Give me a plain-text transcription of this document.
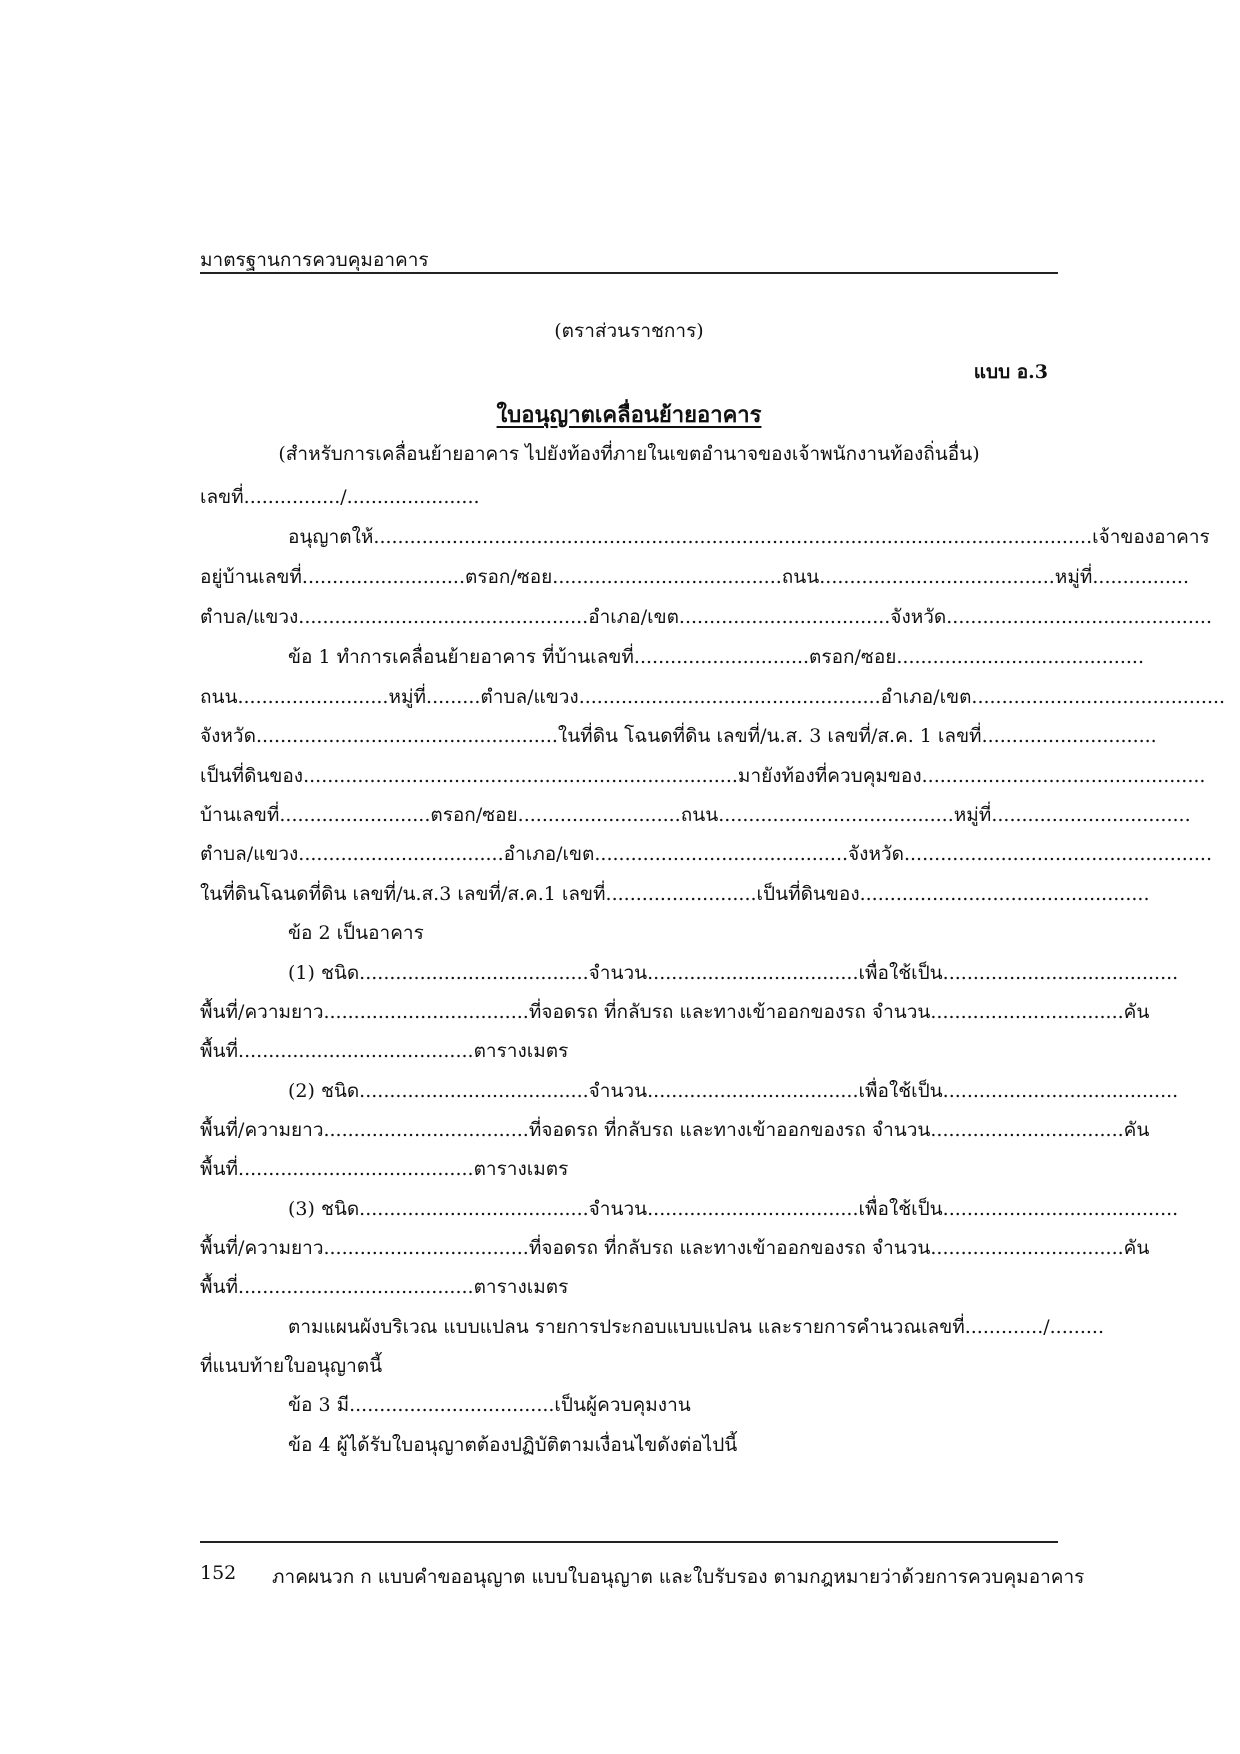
มาตรฐานการควบคุมอาคาร
(ตราส่วนราชการ)
แบบ อ.3
ใบอนุญาตเคลื่อนย้ายอาคาร
(สำหรับการเคลื่อนย้ายอาคาร ไปยังท้องที่ภายในเขตอำนาจของเจ้าพนักงานท้องถิ่นอื่น)
เลขที่................/......................
อนุญาตให้.......................................................................................................................เจ้าของอาคาร
อยู่บ้านเลขที่...........................ตรอก/ซอย......................................ถนน.......................................หมู่ที่................
ตำบล/แขวง................................................อำเภอ/เขต...................................จังหวัด............................................
ข้อ 1 ทำการเคลื่อนย้ายอาคาร ที่บ้านเลขที่.............................ตรอก/ซอย.........................................
ถนน.........................หมู่ที่.........ตำบล/แขวง..................................................อำเภอ/เขต..........................................
จังหวัด..................................................ในที่ดิน โฉนดที่ดิน เลขที่/น.ส. 3 เลขที่/ส.ค. 1 เลขที่.............................
เป็นที่ดินของ........................................................................มายังท้องที่ควบคุมของ...............................................
บ้านเลขที่.........................ตรอก/ซอย...........................ถนน.......................................หมู่ที่.................................
ตำบล/แขวง..................................อำเภอ/เขต..........................................จังหวัด...................................................
ในที่ดินโฉนดที่ดิน เลขที่/น.ส.3 เลขที่/ส.ค.1 เลขที่.........................เป็นที่ดินของ................................................
ข้อ 2 เป็นอาคาร
(1) ชนิด......................................จำนวน...................................เพื่อใช้เป็น.......................................
พื้นที่/ความยาว..................................ที่จอดรถ ที่กลับรถ และทางเข้าออกของรถ จำนวน................................คัน
พื้นที่.......................................ตารางเมตร
(2) ชนิด......................................จำนวน...................................เพื่อใช้เป็น.......................................
พื้นที่/ความยาว..................................ที่จอดรถ ที่กลับรถ และทางเข้าออกของรถ จำนวน................................คัน
พื้นที่.......................................ตารางเมตร
(3) ชนิด......................................จำนวน...................................เพื่อใช้เป็น.......................................
พื้นที่/ความยาว..................................ที่จอดรถ ที่กลับรถ และทางเข้าออกของรถ จำนวน................................คัน
พื้นที่.......................................ตารางเมตร
ตามแผนผังบริเวณ แบบแปลน รายการประกอบแบบแปลน และรายการคำนวณเลขที่............./.........
ที่แนบท้ายใบอนุญาตนี้
ข้อ 3 มี..................................เป็นผู้ควบคุมงาน
ข้อ 4 ผู้ได้รับใบอนุญาตต้องปฏิบัติตามเงื่อนไขดังต่อไปนี้
152 ภาคผนวก ก แบบคำขออนุญาต แบบใบอนุญาต และใบรับรอง ตามกฎหมายว่าด้วยการควบคุมอาคาร
